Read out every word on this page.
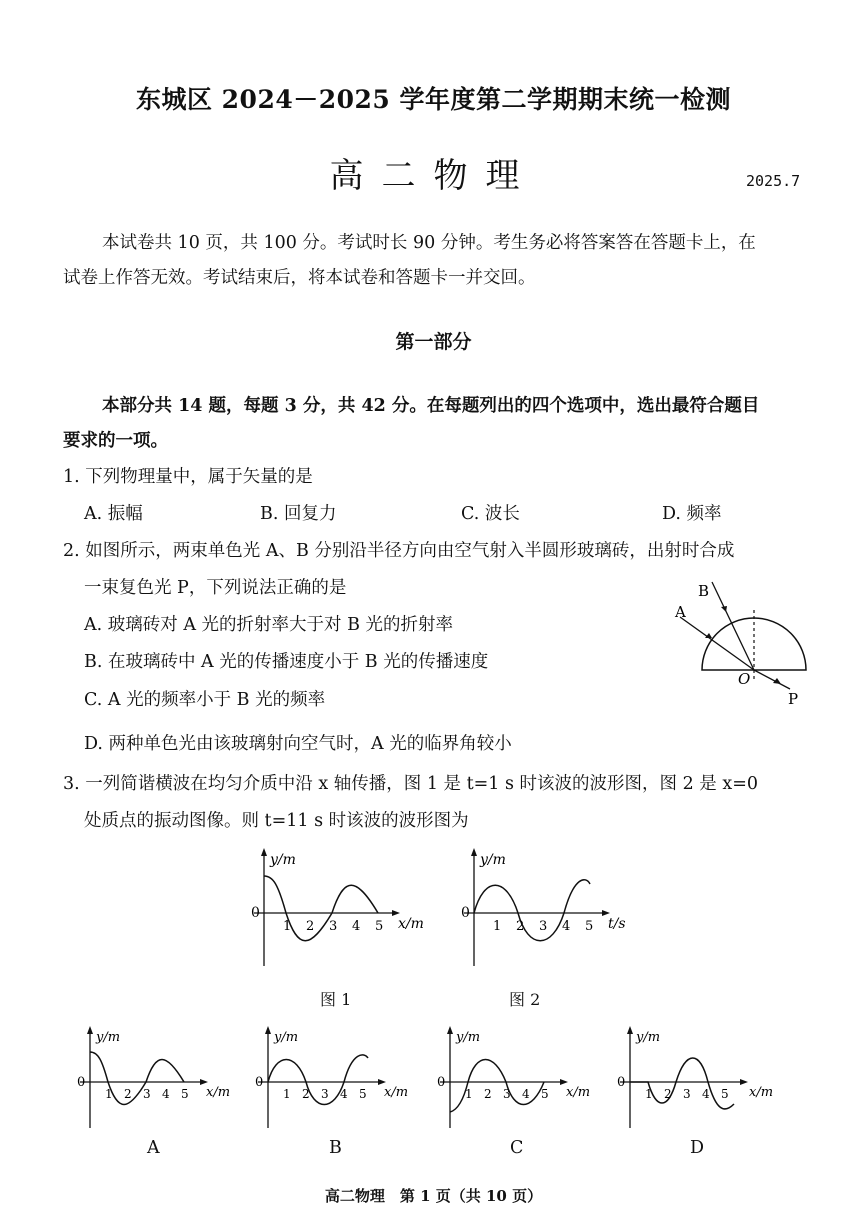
东城区 2024－2025 学年度第二学期期末统一检测
高二物理	2025.7
本试卷共 10 页，共 100 分。考试时长 90 分钟。考生务必将答案答在答题卡上，在
试卷上作答无效。考试结束后，将本试卷和答题卡一并交回。
第一部分
本部分共 14 题，每题 3 分，共 42 分。在每题列出的四个选项中，选出最符合题目
要求的一项。
1. 下列物理量中，属于矢量的是
A. 振幅	B. 回复力	C. 波长	D. 频率
2. 如图所示，两束单色光 A、B 分别沿半径方向由空气射入半圆形玻璃砖，出射时合成
一束复色光 P，下列说法正确的是
A. 玻璃砖对 A 光的折射率大于对 B 光的折射率
B. 在玻璃砖中 A 光的传播速度小于 B 光的传播速度
C. A 光的频率小于 B 光的频率
D. 两种单色光由该玻璃射向空气时，A 光的临界角较小
A
B
O
P
3. 一列简谐横波在均匀介质中沿 x 轴传播，图 1 是 t=1 s 时该波的波形图，图 2 是 x=0
处质点的振动图像。则 t=11 s 时该波的波形图为
y/m
0
1 2 3 4 5 x/m
图 1
y/m
0
1 2 3 4 5 t/s
图 2
y/m
0
1 2 3 4 5 x/m
A
y/m
0
1 2 3 4 5 x/m
B
y/m
0
1 2 3 4 5 x/m
C
y/m
0
1 2 3 4 5 x/m
D
高二物理　第 1 页（共 10 页）
